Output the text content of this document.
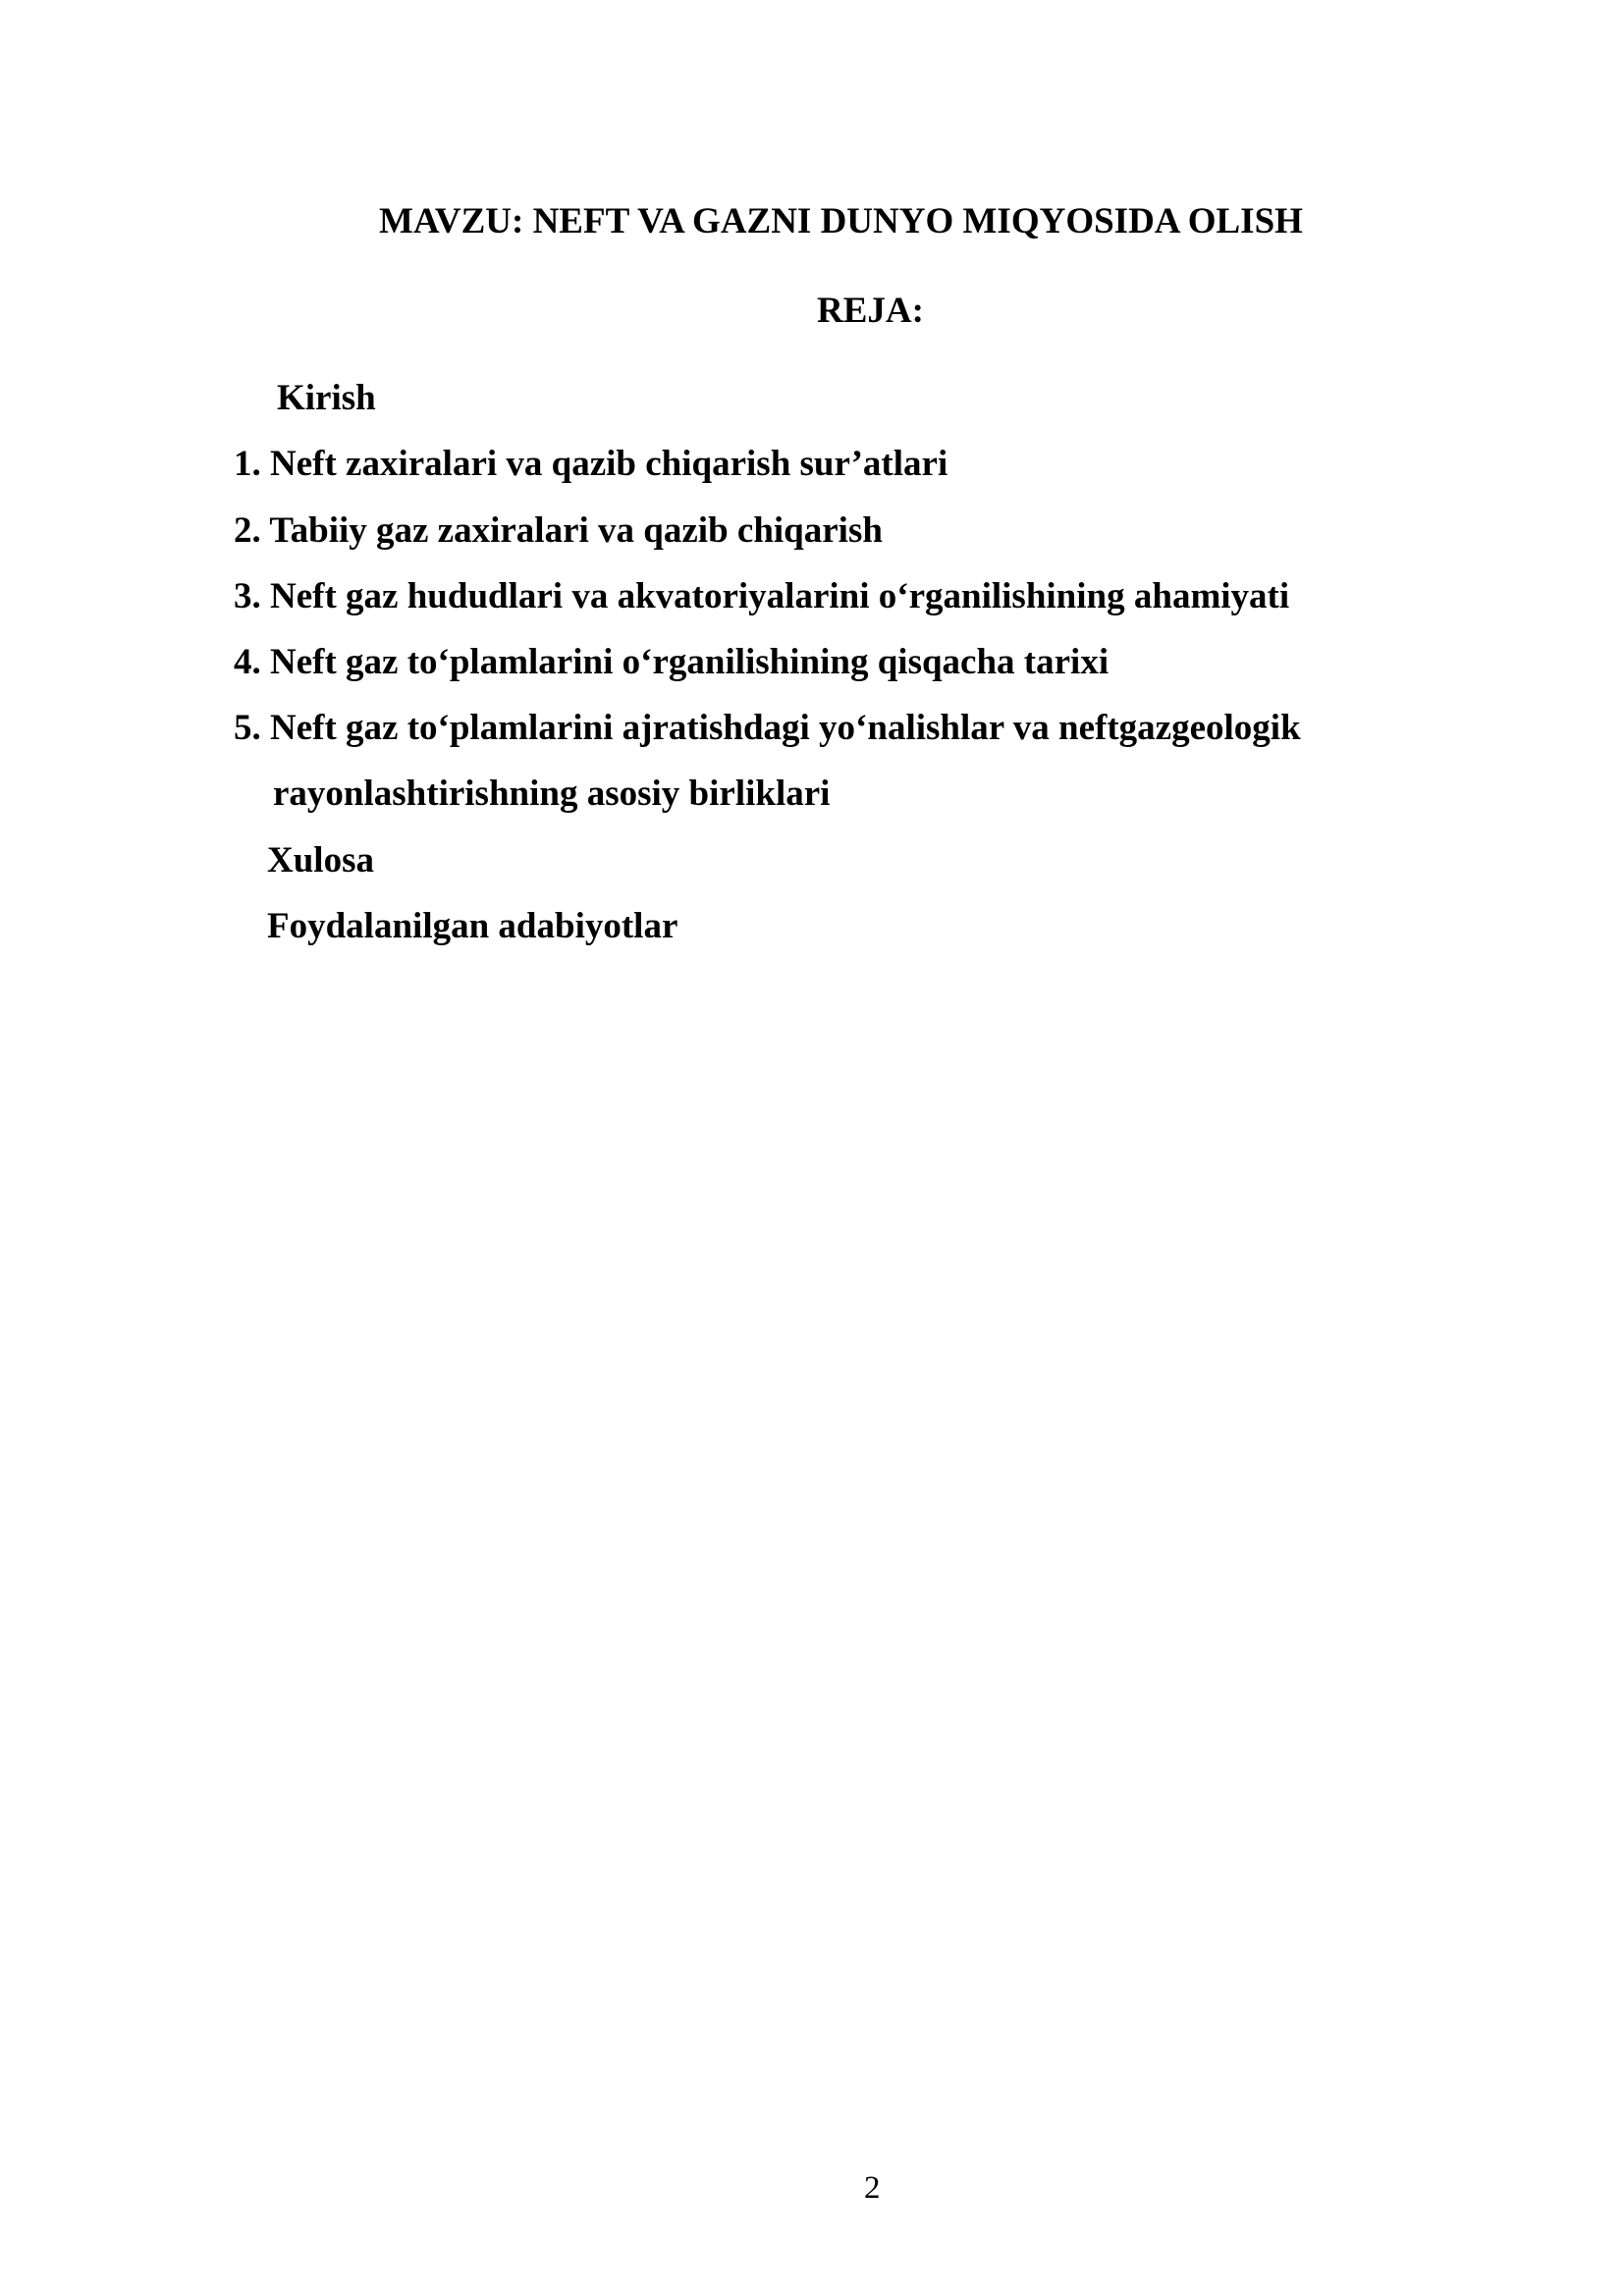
MAVZU: NEFT VA GAZNI DUNYO MIQYOSIDA OLISH
REJA:
Kirish
1. Neft zaxiralari va qazib chiqarish sur’atlari
2. Tabiiy gaz zaxiralari va qazib chiqarish
3. Neft gaz hududlari va akvatoriyalarini o‘rganilishining ahamiyati
4. Neft gaz to‘plamlarini o‘rganilishining qisqacha tarixi
5. Neft gaz to‘plamlarini ajratishdagi yo‘nalishlar va neftgazgeologik
rayonlashtirishning asosiy birliklari
Xulosa
Foydalanilgan adabiyotlar
2
